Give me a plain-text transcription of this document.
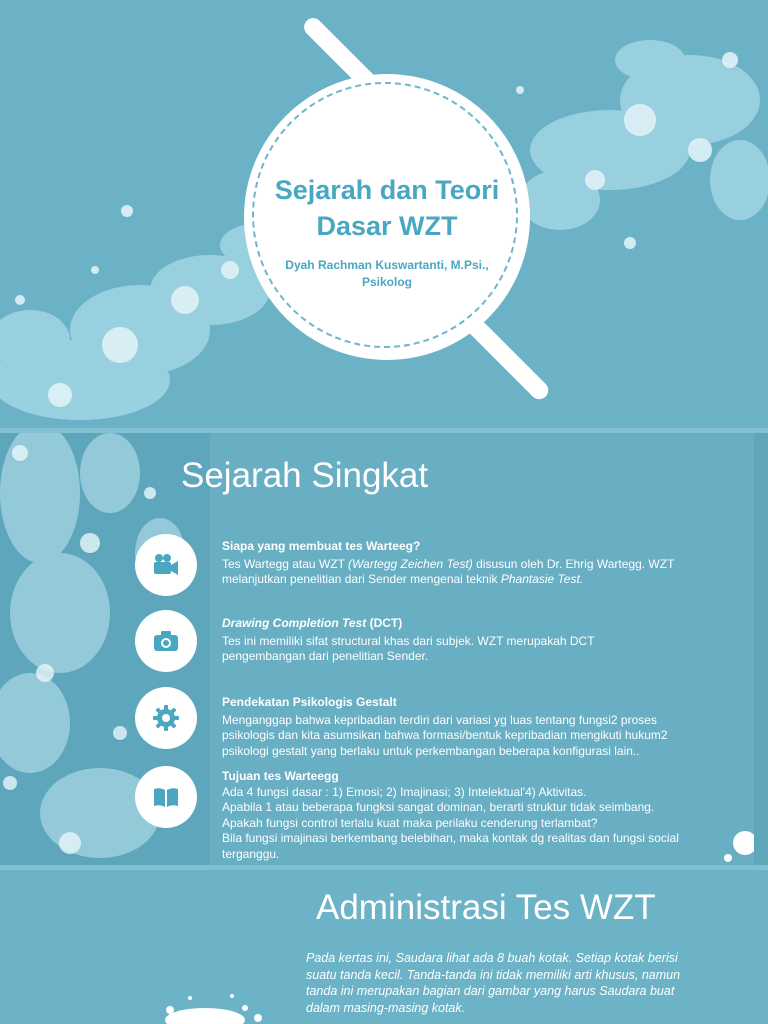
Sejarah dan Teori
Dasar WZT
Dyah Rachman Kuswartanti, M.Psi.,
Psikolog
Sejarah Singkat
Siapa yang membuat tes Warteeg?
Tes Wartegg atau WZT (Wartegg Zeichen Test) disusun oleh Dr. Ehrig Wartegg. WZT
melanjutkan penelitian dari Sender mengenai teknik Phantasie Test.
Drawing Completion Test (DCT)
Tes ini memiliki sifat structural khas dari subjek. WZT merupakah DCT
pengembangan dari penelitian Sender.
Pendekatan Psikologis Gestalt
Menganggap bahwa kepribadian terdiri dari variasi yg luas tentang fungsi2 proses
psikologis dan kita asumsikan bahwa formasi/bentuk kepribadian mengikuti hukum2
psikologi gestalt yang berlaku untuk perkembangan beberapa konfigurasi lain..
Tujuan tes Warteegg
Ada 4 fungsi dasar : 1) Emosi; 2) Imajinasi; 3) Intelektual'4) Aktivitas.
Apabila 1 atau beberapa fungksi sangat dominan, berarti struktur tidak seimbang.
Apakah fungsi control terlalu kuat maka perilaku cenderung terlambat?
Bila fungsi imajinasi berkembang belebihan, maka kontak dg realitas dan fungsi social
terganggu.
Administrasi Tes WZT
Pada kertas ini, Saudara lihat ada 8 buah kotak. Setiap kotak berisi
suatu tanda kecil. Tanda-tanda ini tidak memiliki arti khusus, namun
tanda ini merupakan bagian dari gambar yang harus Saudara buat
dalam masing-masing kotak.
